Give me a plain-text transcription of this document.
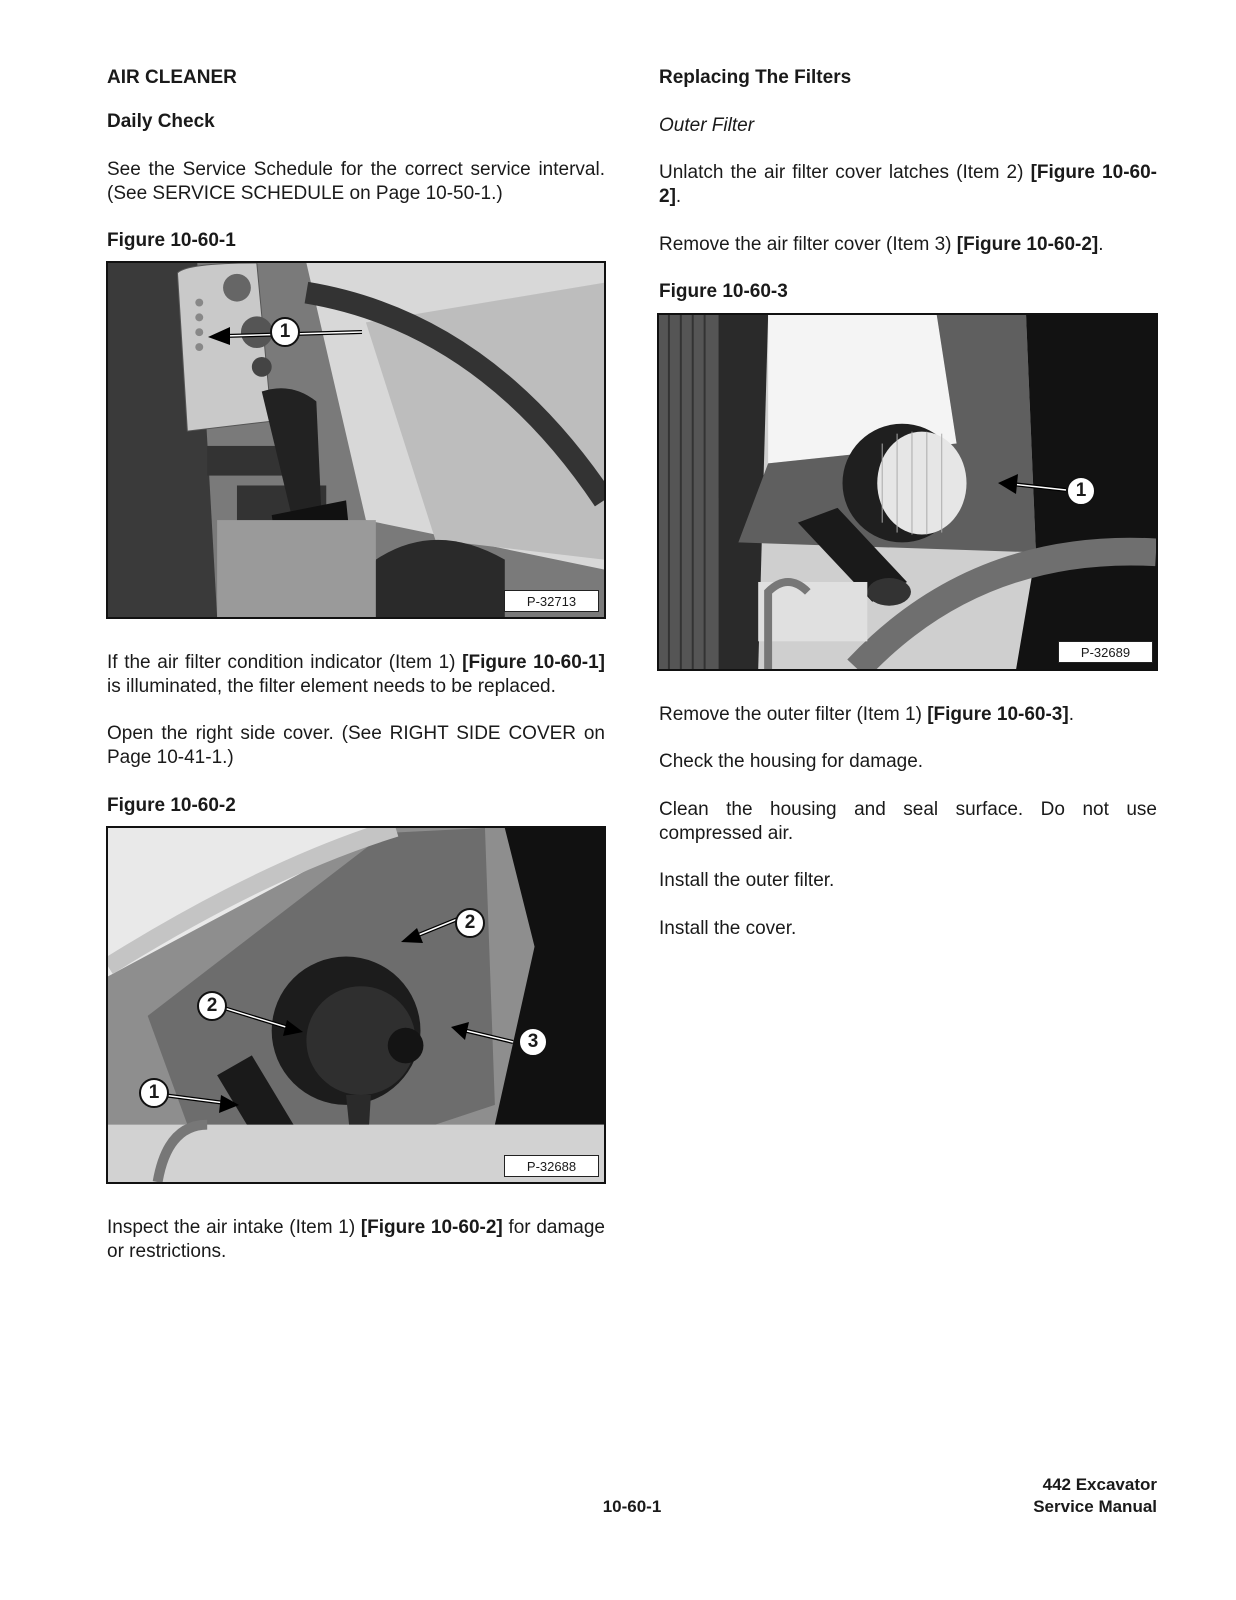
AIR CLEANER
Daily Check
See the Service Schedule for the correct service interval. (See SERVICE SCHEDULE on Page 10-50-1.)
Figure 10-60-1
1
P-32713
If the air filter condition indicator (Item 1) [Figure 10-60-1] is illuminated, the filter element needs to be replaced.
Open the right side cover. (See RIGHT SIDE COVER on Page 10-41-1.)
Figure 10-60-2
2
2
3
1
P-32688
Inspect the air intake (Item 1) [Figure 10-60-2] for damage or restrictions.
Replacing The Filters
Outer Filter
Unlatch the air filter cover latches (Item 2) [Figure 10-60-2].
Remove the air filter cover (Item 3) [Figure 10-60-2].
Figure 10-60-3
1
P-32689
Remove the outer filter (Item 1) [Figure 10-60-3].
Check the housing for damage.
Clean the housing and seal surface. Do not use compressed air.
Install the outer filter.
Install the cover.
10-60-1
442 Excavator
Service Manual
